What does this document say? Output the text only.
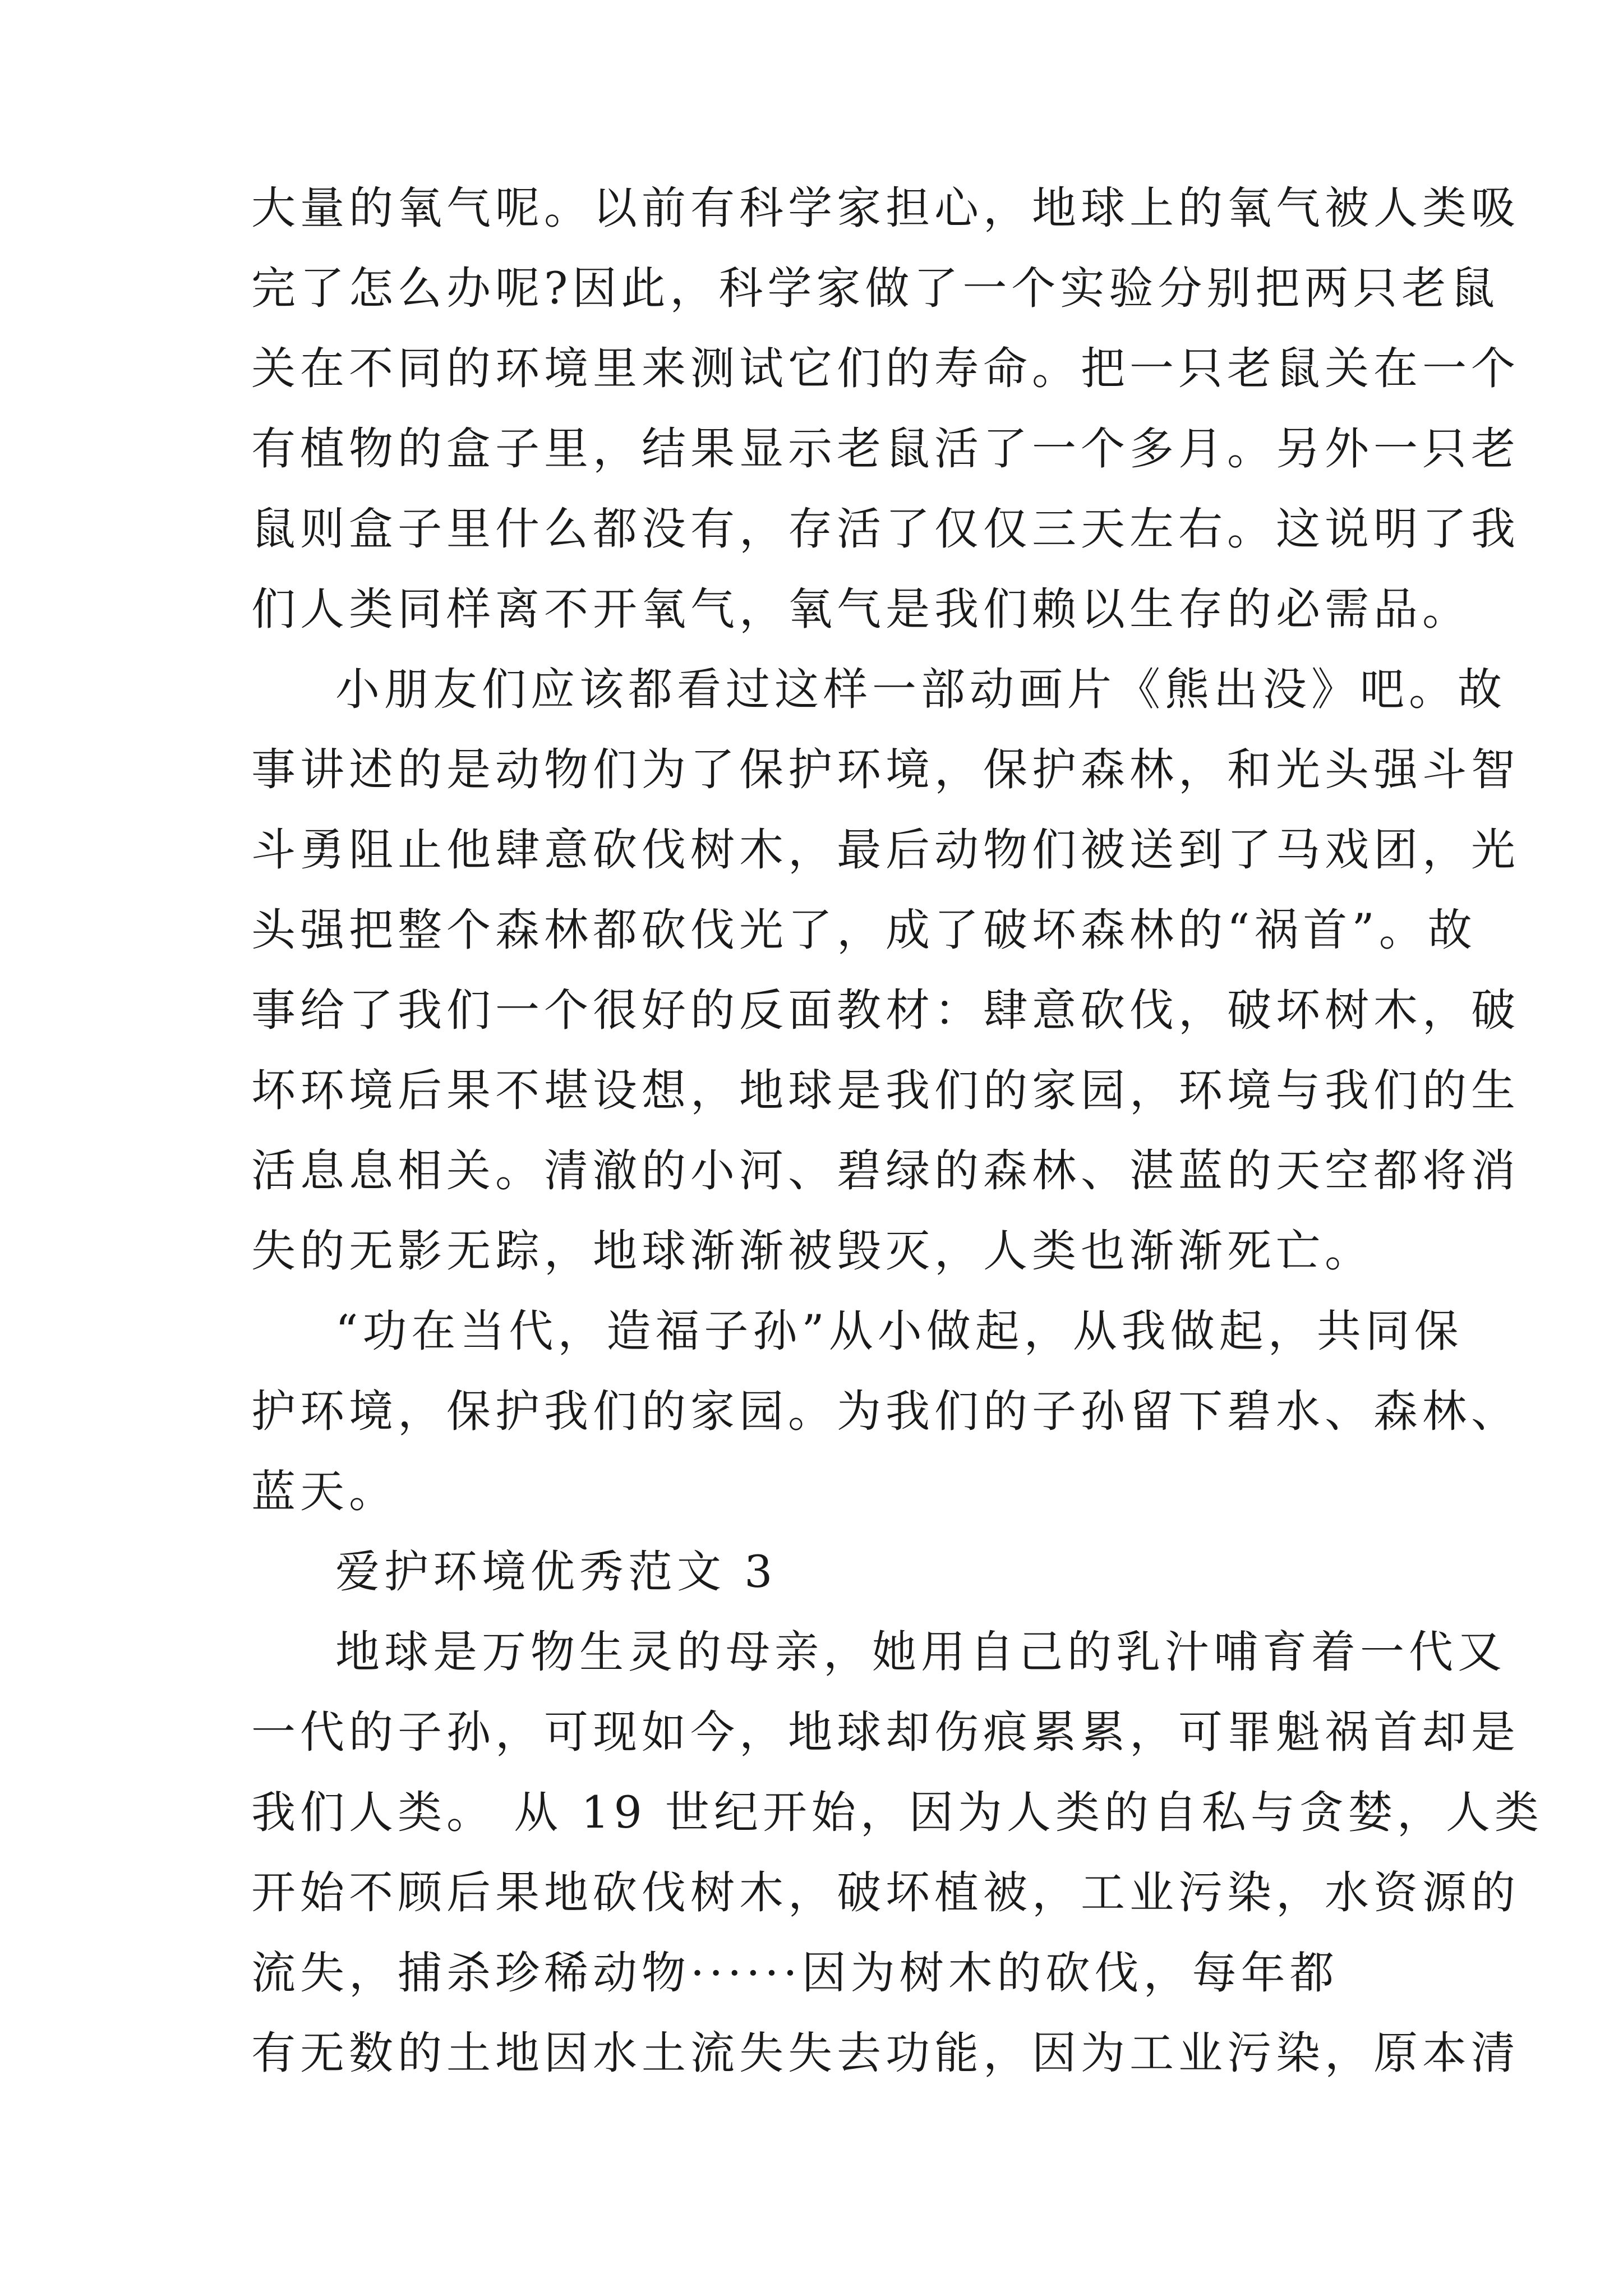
大量的氧气呢。以前有科学家担心，地球上的氧气被人类吸
完了怎么办呢?因此，科学家做了一个实验分别把两只老鼠
关在不同的环境里来测试它们的寿命。把一只老鼠关在一个
有植物的盒子里，结果显示老鼠活了一个多月。另外一只老
鼠则盒子里什么都没有，存活了仅仅三天左右。这说明了我
们人类同样离不开氧气，氧气是我们赖以生存的必需品。
小朋友们应该都看过这样一部动画片《熊出没》吧。故
事讲述的是动物们为了保护环境，保护森林，和光头强斗智
斗勇阻止他肆意砍伐树木，最后动物们被送到了马戏团，光
头强把整个森林都砍伐光了，成了破坏森林的“祸首”。故
事给了我们一个很好的反面教材：肆意砍伐，破坏树木，破
坏环境后果不堪设想，地球是我们的家园，环境与我们的生
活息息相关。清澈的小河、碧绿的森林、湛蓝的天空都将消
失的无影无踪，地球渐渐被毁灭，人类也渐渐死亡。
“功在当代，造福子孙”从小做起，从我做起，共同保
护环境，保护我们的家园。为我们的子孙留下碧水、森林、
蓝天。
爱护环境优秀范文 3
地球是万物生灵的母亲，她用自己的乳汁哺育着一代又
一代的子孙，可现如今，地球却伤痕累累，可罪魁祸首却是
我们人类。 从 19 世纪开始，因为人类的自私与贪婪，人类
开始不顾后果地砍伐树木，破坏植被，工业污染，水资源的
流失，捕杀珍稀动物······因为树木的砍伐，每年都
有无数的土地因水土流失失去功能，因为工业污染，原本清
